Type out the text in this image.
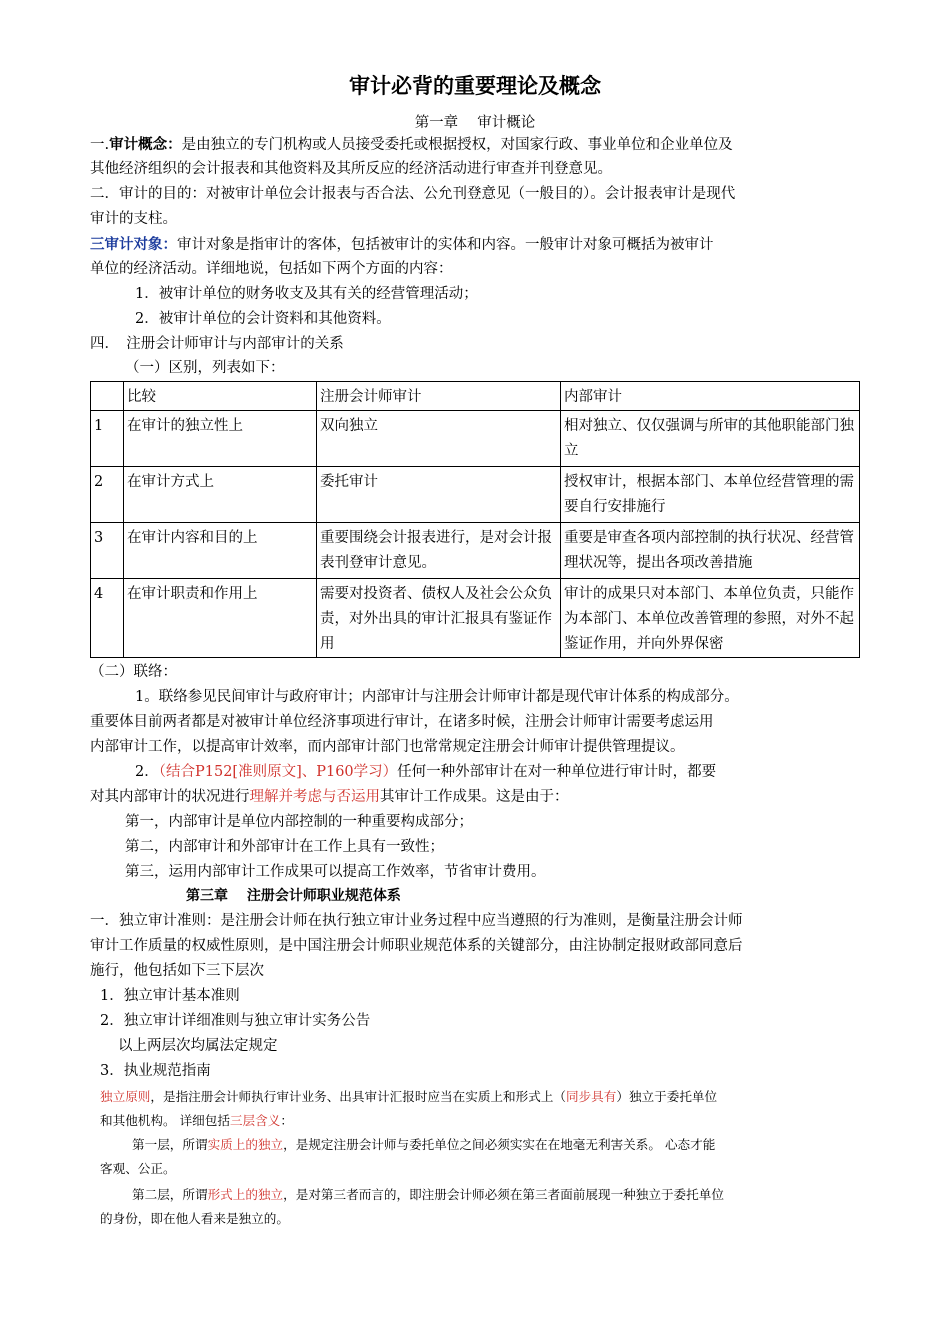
审计必背的重要理论及概念
第一章　 审计概论
一.审计概念：是由独立的专门机构或人员接受委托或根据授权，对国家行政、事业单位和企业单位及
其他经济组织的会计报表和其他资料及其所反应的经济活动进行审查并刊登意见。
二．审计的目的：对被审计单位会计报表与否合法、公允刊登意见（一般目的）。会计报表审计是现代
审计的支柱。
三审计对象：审计对象是指审计的客体，包括被审计的实体和内容。一般审计对象可概括为被审计
单位的经济活动。详细地说，包括如下两个方面的内容：
1．被审计单位的财务收支及其有关的经营管理活动；
2．被审计单位的会计资料和其他资料。
四．　注册会计师审计与内部审计的关系
（一）区别，列表如下：
	比较	注册会计师审计	内部审计
1	在审计的独立性上	双向独立	相对独立、仅仅强调与所审的其他职能部门独立
2	在审计方式上	委托审计	授权审计，根据本部门、本单位经营管理的需要自行安排施行
3	在审计内容和目的上	重要围绕会计报表进行，是对会计报表刊登审计意见。	重要是审查各项内部控制的执行状况、经营管理状况等，提出各项改善措施
4	在审计职责和作用上	需要对投资者、债权人及社会公众负责，对外出具的审计汇报具有鉴证作用	审计的成果只对本部门、本单位负责，只能作为本部门、本单位改善管理的参照，对外不起鉴证作用，并向外界保密
（二）联络：
1。联络参见民间审计与政府审计；内部审计与注册会计师审计都是现代审计体系的构成部分。
重要体目前两者都是对被审计单位经济事项进行审计，在诸多时候，注册会计师审计需要考虑运用
内部审计工作，以提高审计效率，而内部审计部门也常常规定注册会计师审计提供管理提议。
2．（结合P152[准则原文]、P160学习）任何一种外部审计在对一种单位进行审计时，都要
对其内部审计的状况进行理解并考虑与否运用其审计工作成果。这是由于：
第一，内部审计是单位内部控制的一种重要构成部分；
第二，内部审计和外部审计在工作上具有一致性；
第三，运用内部审计工作成果可以提高工作效率，节省审计费用。
第三章　 注册会计师职业规范体系
一．独立审计准则：是注册会计师在执行独立审计业务过程中应当遵照的行为准则，是衡量注册会计师
审计工作质量的权威性原则，是中国注册会计师职业规范体系的关键部分，由注协制定报财政部同意后
施行，他包括如下三下层次
1．独立审计基本准则
2．独立审计详细准则与独立审计实务公告
以上两层次均属法定规定
3．执业规范指南
独立原则，是指注册会计师执行审计业务、出具审计汇报时应当在实质上和形式上（同步具有）独立于委托单位
和其他机构。 详细包括三层含义：
第一层，所谓实质上的独立，是规定注册会计师与委托单位之间必须实实在在地毫无利害关系。 心态才能
客观、公正。
第二层，所谓形式上的独立，是对第三者而言的，即注册会计师必须在第三者面前展现一种独立于委托单位
的身份，即在他人看来是独立的。
